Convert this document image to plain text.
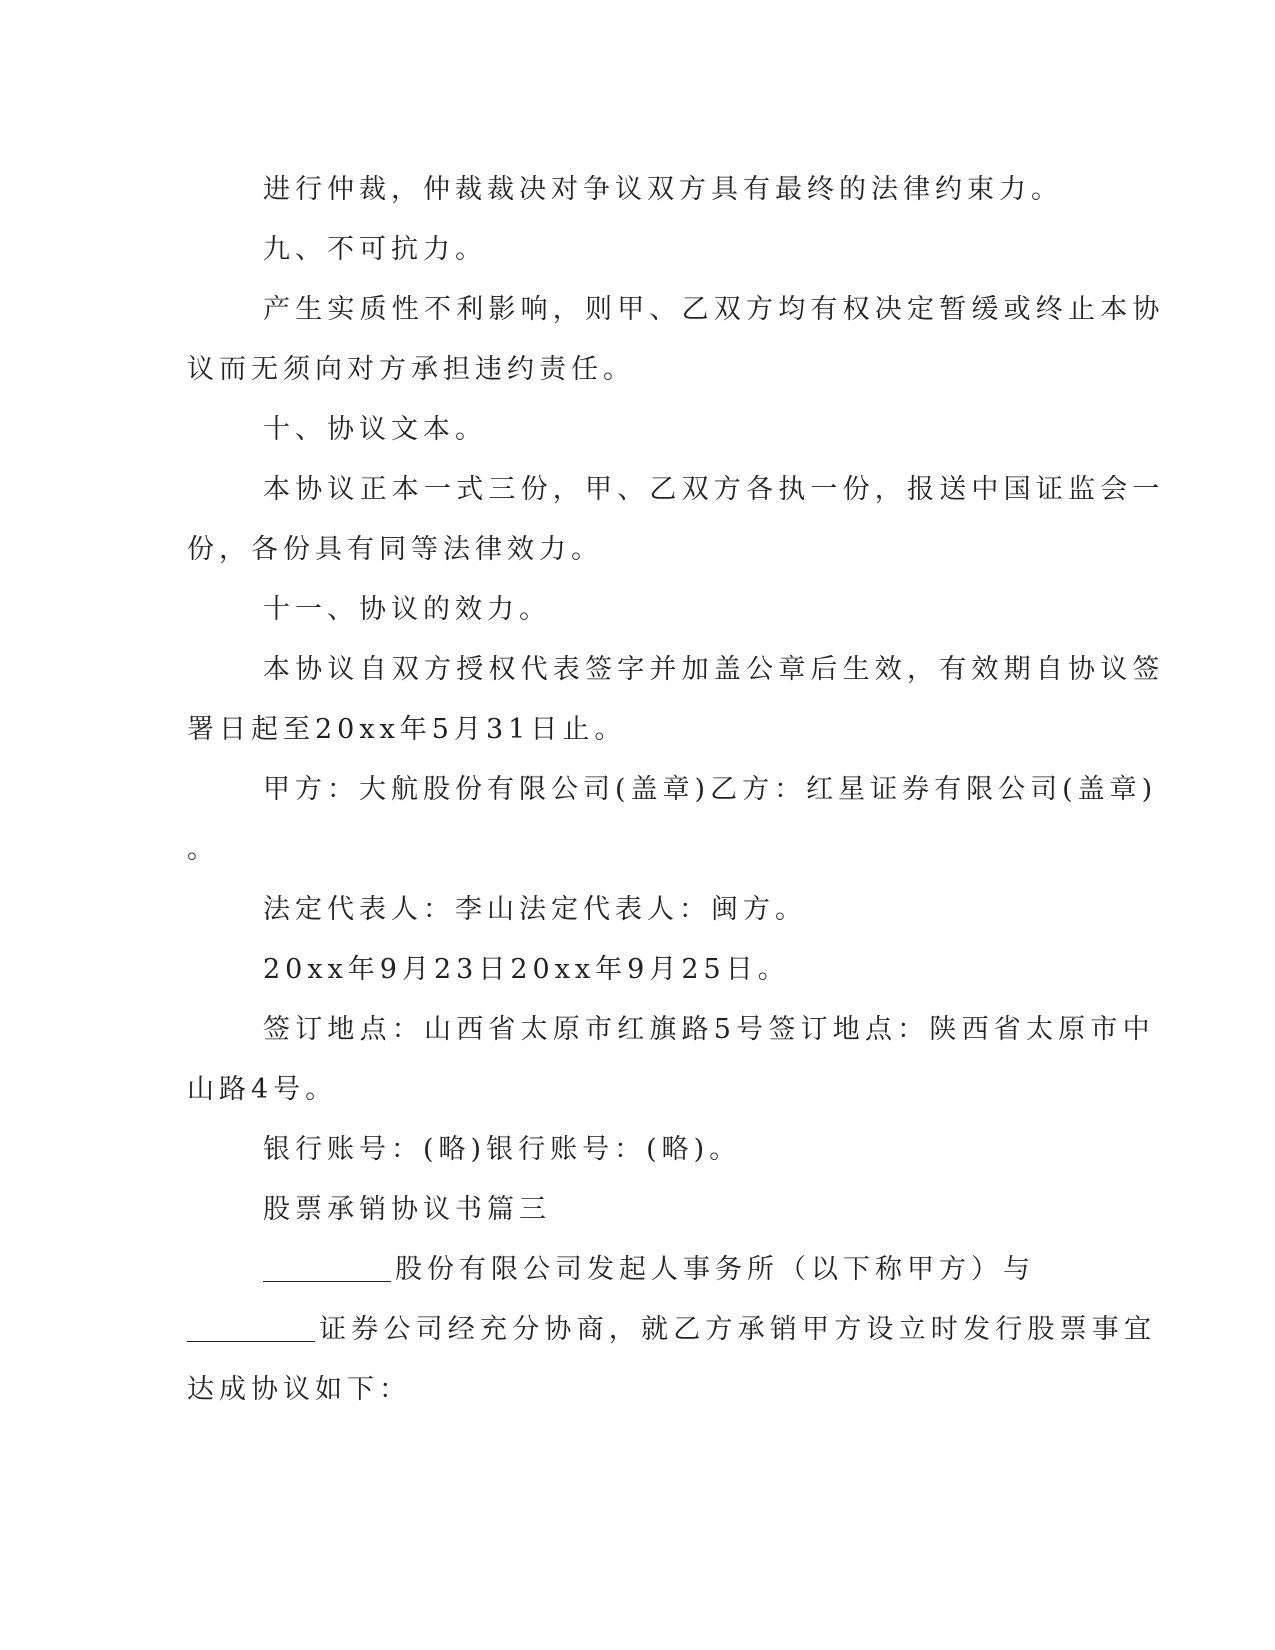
进行仲裁，仲裁裁决对争议双方具有最终的法律约束力。
九、不可抗力。
产生实质性不利影响，则甲、乙双方均有权决定暂缓或终止本协
议而无须向对方承担违约责任。
十、协议文本。
本协议正本一式三份，甲、乙双方各执一份，报送中国证监会一
份，各份具有同等法律效力。
十一、协议的效力。
本协议自双方授权代表签字并加盖公章后生效，有效期自协议签
署日起至20xx年5月31日止。
甲方：大航股份有限公司(盖章)乙方：红星证券有限公司(盖章)
。
法定代表人：李山法定代表人：闽方。
20xx年9月23日20xx年9月25日。
签订地点：山西省太原市红旗路5号签订地点：陕西省太原市中
山路4号。
银行账号：(略)银行账号：(略)。
股票承销协议书篇三
股份有限公司发起人事务所（以下称甲方）与
证券公司经充分协商，就乙方承销甲方设立时发行股票事宜
达成协议如下：
